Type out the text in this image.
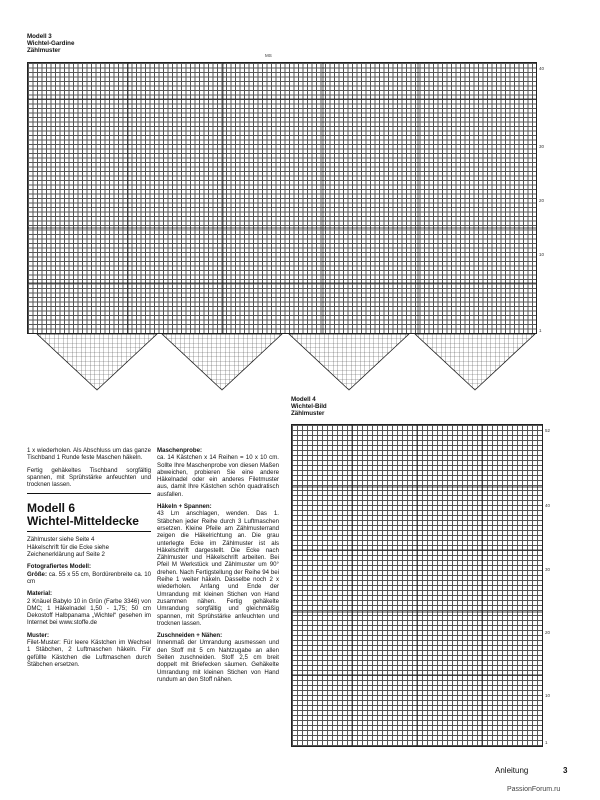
Modell 3
Wichtel-Gardine
Zählmuster
MS
40
30
20
10
1

1 x wiederholen. Als Abschluss um das ganze Tischband 1 Runde feste Maschen häkeln.

Fertig gehäkeltes Tischband sorgfältig spannen, mit Sprühstärke anfeuchten und trocknen lassen.

Modell 6
Wichtel-Mitteldecke

Zählmuster siehe Seite 4
Häkelschrift für die Ecke siehe Zeichenerklärung auf Seite 2

Fotografiertes Modell:
Größe: ca. 55 x 55 cm, Bordürenbreite ca. 10 cm

Material:
2 Knäuel Babylo 10 in Grün (Farbe 3346) von DMC; 1 Häkelnadel 1,50 - 1,75; 50 cm Dekostoff Halbpanama „Wichtel“ gesehen im Internet bei www.stoffe.de

Muster:
Filet-Muster: Für leere Kästchen im Wechsel 1 Stäbchen, 2 Luftmaschen häkeln. Für gefüllte Kästchen die Luftmaschen durch Stäbchen ersetzen.

Maschenprobe:
ca. 14 Kästchen x 14 Reihen = 10 x 10 cm. Sollte Ihre Maschenprobe von diesen Maßen abweichen, probieren Sie eine andere Häkelnadel oder ein anderes Filetmuster aus, damit Ihre Kästchen schön quadratisch ausfallen.

Häkeln + Spannen:
43 Lm anschlagen, wenden. Das 1. Stäbchen jeder Reihe durch 3 Luftmaschen ersetzen. Kleine Pfeile am Zählmusterrand zeigen die Häkelrichtung an. Die grau unterlegte Ecke im Zählmuster ist als Häkelschrift dargestellt. Die Ecke nach Zählmuster und Häkelschrift arbeiten. Bei Pfeil M Werkstück und Zählmuster um 90° drehen. Nach Fertigstellung der Reihe 94 bei Reihe 1 weiter häkeln. Dasselbe noch 2 x wiederholen. Anfang und Ende der Umrandung mit kleinen Stichen von Hand zusammen nähen. Fertig gehäkelte Umrandung sorgfältig und gleichmäßig spannen, mit Sprühstärke anfeuchten und trocknen lassen.

Zuschneiden + Nähen:
Innenmaß der Umrandung ausmessen und den Stoff mit 5 cm Nahtzugabe an allen Seiten zuschneiden. Stoff 2,5 cm breit doppelt mit Briefecken säumen. Gehäkelte Umrandung mit kleinen Stichen von Hand rundum an den Stoff nähen.

Modell 4
Wichtel-Bild
Zählmuster
52
40
30
20
10
1
Anleitung	3
PassionForum.ru
